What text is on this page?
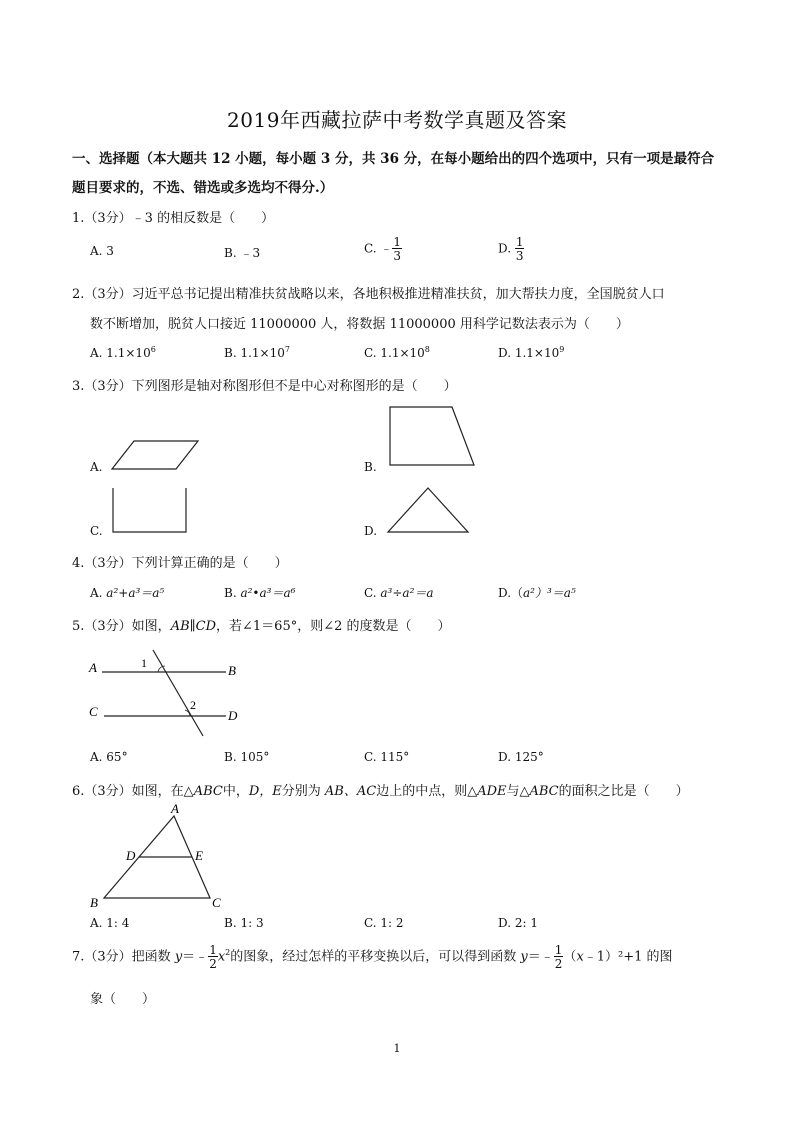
2019年西藏拉萨中考数学真题及答案
一、选择题（本大题共 12 小题，每小题 3 分，共 36 分，在每小题给出的四个选项中，只有一项是最符合
题目要求的，不选、错选或多选均不得分.）
1.（3分）﹣3 的相反数是（　　）
A. 3	B. ﹣3	C. ﹣ $\frac{1}{3}$	D. $\frac{1}{3}$
2.（3分）习近平总书记提出精准扶贫战略以来，各地积极推进精准扶贫，加大帮扶力度，全国脱贫人口
数不断增加，脱贫人口接近 11000000 人，将数据 11000000 用科学记数法表示为（　　）
A. $1.1\times 10^6$	B. $1.1\times 10^7$	C. $1.1\times 10^8$	D. $1.1\times 10^9$
3.（3分）下列图形是轴对称图形但不是中心对称图形的是（　　）
A.	B.
C.	D.
4.（3分）下列计算正确的是（　　）
A. a²+a³＝a⁵	B. a²•a³＝a⁶	C. a³÷a²＝a	D.（a²）³＝a⁵
5.（3分）如图，AB∥CD，若∠1＝65°，则∠2 的度数是（　　）
A	B
C	D
1
2
A. 65°	B. 105°	C. 115°	D. 125°
6.（3分）如图，在△ABC中，D，E分别为 AB、AC边上的中点，则△ADE与△ABC的面积之比是（　　）
A
B	C
D	E
A. 1: 4	B. 1: 3	C. 1: 2	D. 2: 1
7.（3分）把函数 y＝﹣ $\frac{1}{2} x^2$的图象，经过怎样的平移变换以后，可以得到函数 y＝﹣ $\frac{1}{2}$ （x﹣1）²+1 的图
象（　　）
1
